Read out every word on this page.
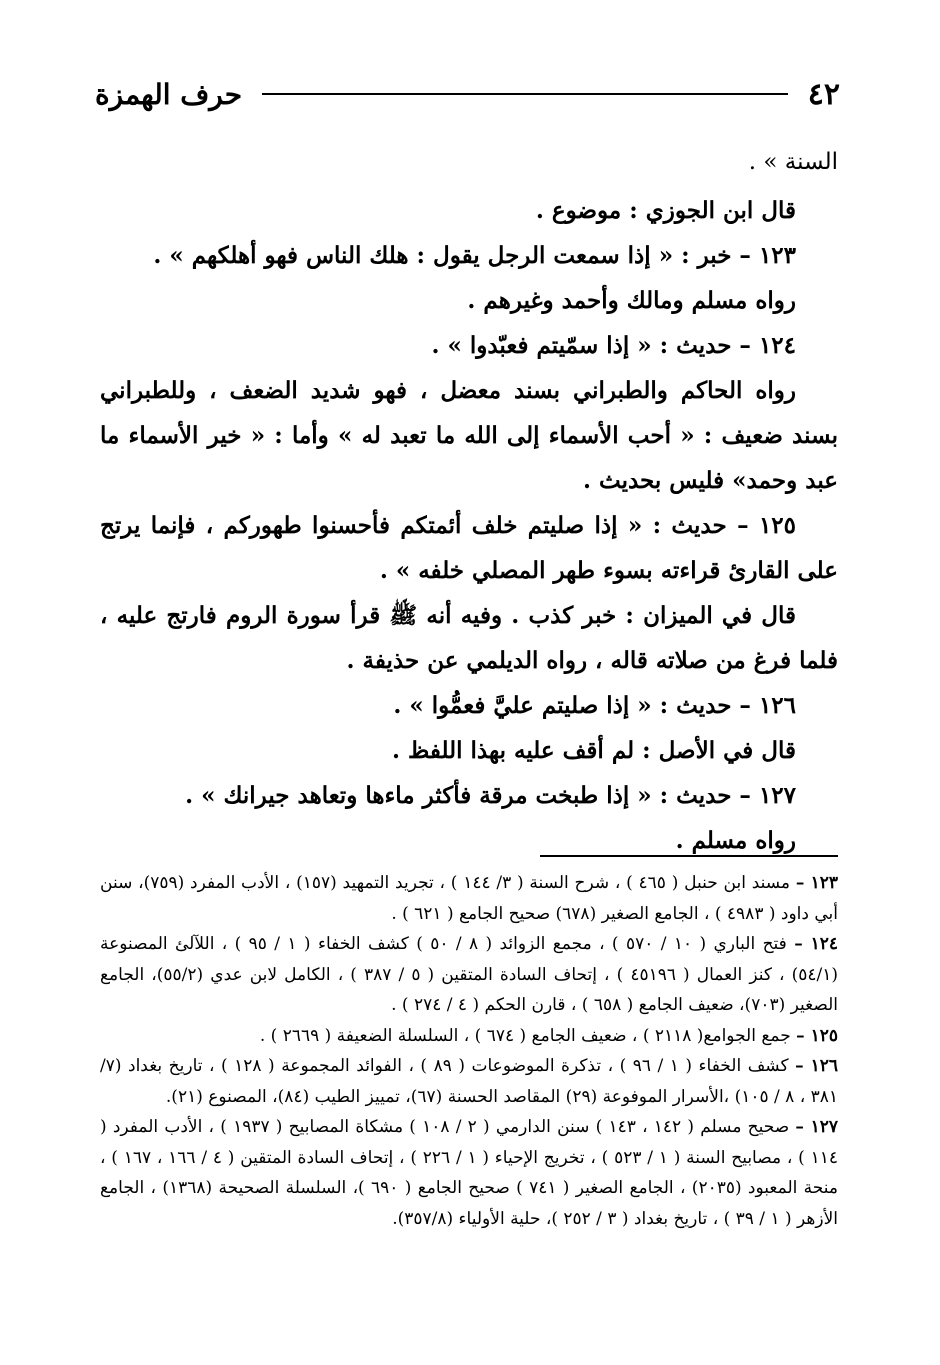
٤٢
حرف الهمزة

السنة » .

قال ابن الجوزي : موضوع .

١٢٣ – خبر : « إذا سمعت الرجل يقول : هلك الناس فهو أهلكهم » .

رواه مسلم ومالك وأحمد وغيرهم .

١٢٤ – حديث : « إذا سمّيتم فعبّدوا » .

رواه الحاكم والطبراني بسند معضل ، فهو شديد الضعف ، وللطبراني بسند ضعيف : « أحب الأسماء إلى الله ما تعبد له » وأما : « خير الأسماء ما عبد وحمد» فليس بحديث .

١٢٥ – حديث : « إذا صليتم خلف أئمتكم فأحسنوا طهوركم ، فإنما يرتج على القارئ قراءته بسوء طهر المصلي خلفه » .

قال في الميزان : خبر كذب . وفيه أنه ﷺ قرأ سورة الروم فارتج عليه ، فلما فرغ من صلاته قاله ، رواه الديلمي عن حذيفة .

١٢٦ – حديث : « إذا صليتم عليَّ فعمُّوا » .

قال في الأصل : لم أقف عليه بهذا اللفظ .

١٢٧ – حديث : « إذا طبخت مرقة فأكثر ماءها وتعاهد جيرانك » .

رواه مسلم .

١٢٣ – مسند ابن حنبل ( ٤٦٥ ) ، شرح السنة ( ٣/ ١٤٤ ) ، تجريد التمهيد (١٥٧) ، الأدب المفرد (٧٥٩)، سنن أبي داود ( ٤٩٨٣ ) ، الجامع الصغير (٦٧٨) صحيح الجامع ( ٦٢١ ) .

١٢٤ – فتح الباري ( ١٠ / ٥٧٠ ) ، مجمع الزوائد ( ٨ / ٥٠ ) كشف الخفاء ( ١ / ٩٥ ) ، اللآلئ المصنوعة (٥٤/١) ، كنز العمال ( ٤٥١٩٦ ) ، إتحاف السادة المتقين ( ٥ / ٣٨٧ ) ، الكامل لابن عدي (٥٥/٢)، الجامع الصغير (٧٠٣)، ضعيف الجامع ( ٦٥٨ ) ، قارن الحكم ( ٤ / ٢٧٤ ) .

١٢٥ – جمع الجوامع( ٢١١٨ ) ، ضعيف الجامع ( ٦٧٤ ) ، السلسلة الضعيفة ( ٢٦٦٩ ) .

١٢٦ – كشف الخفاء ( ١ / ٩٦ ) ، تذكرة الموضوعات ( ٨٩ ) ، الفوائد المجموعة ( ١٢٨ ) ، تاريخ بغداد (٧/ ٣٨١ ، ٨ / ١٠٥) ،الأسرار الموفوعة (٢٩) المقاصد الحسنة (٦٧)، تمييز الطيب (٨٤)، المصنوع (٢١).

١٢٧ – صحيح مسلم ( ١٤٢ ، ١٤٣ ) سنن الدارمي ( ٢ / ١٠٨ ) مشكاة المصابيح ( ١٩٣٧ ) ، الأدب المفرد ( ١١٤ ) ، مصابيح السنة ( ١ / ٥٢٣ ) ، تخريج الإحياء ( ١ / ٢٢٦ ) ، إتحاف السادة المتقين ( ٤ / ١٦٦ ، ١٦٧ ) ، منحة المعبود (٢٠٣٥) ، الجامع الصغير ( ٧٤١ ) صحيح الجامع ( ٦٩٠ )، السلسلة الصحيحة (١٣٦٨) ، الجامع الأزهر ( ١ / ٣٩ ) ، تاريخ بغداد ( ٣ / ٢٥٢ )، حلية الأولياء (٣٥٧/٨).
